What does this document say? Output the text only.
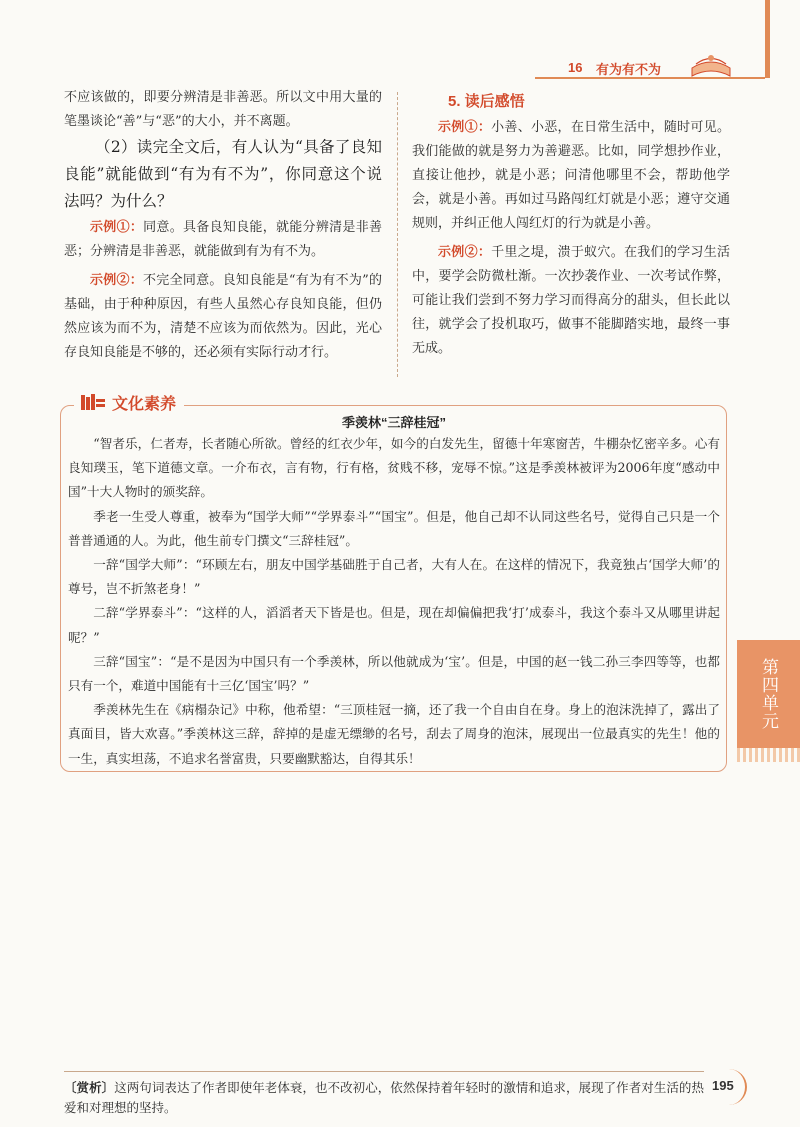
16 有为有不为

不应该做的，即要分辨清是非善恶。所以文中用大量的笔墨谈论“善”与“恶”的大小，并不离题。

（2）读完全文后，有人认为“具备了良知良能”就能做到“有为有不为”，你同意这个说法吗？为什么？

示例①：同意。具备良知良能，就能分辨清是非善恶；分辨清是非善恶，就能做到有为有不为。

示例②：不完全同意。良知良能是“有为有不为”的基础，由于种种原因，有些人虽然心存良知良能，但仍然应该为而不为，清楚不应该为而依然为。因此，光心存良知良能是不够的，还必须有实际行动才行。

5. 读后感悟

示例①：小善、小恶，在日常生活中，随时可见。我们能做的就是努力为善避恶。比如，同学想抄作业，直接让他抄，就是小恶；问清他哪里不会，帮助他学会，就是小善。再如过马路闯红灯就是小恶；遵守交通规则，并纠正他人闯红灯的行为就是小善。

示例②：千里之堤，溃于蚁穴。在我们的学习生活中，要学会防微杜渐。一次抄袭作业、一次考试作弊，可能让我们尝到不努力学习而得高分的甜头，但长此以往，就学会了投机取巧，做事不能脚踏实地，最终一事无成。

文化素养
季羡林“三辞桂冠”

“智者乐，仁者寿，长者随心所欲。曾经的红衣少年，如今的白发先生，留德十年寒窗苦，牛棚杂忆密辛多。心有良知璞玉，笔下道德文章。一介布衣，言有物，行有格，贫贱不移，宠辱不惊。”这是季羡林被评为2006年度“感动中国”十大人物时的颁奖辞。

季老一生受人尊重，被奉为“国学大师”“学界泰斗”“国宝”。但是，他自己却不认同这些名号，觉得自己只是一个普普通通的人。为此，他生前专门撰文“三辞桂冠”。

一辞“国学大师”：“环顾左右，朋友中国学基础胜于自己者，大有人在。在这样的情况下，我竟独占‘国学大师’的尊号，岂不折煞老身！”

二辞“学界泰斗”：“这样的人，滔滔者天下皆是也。但是，现在却偏偏把我‘打’成泰斗，我这个泰斗又从哪里讲起呢？”

三辞“国宝”：“是不是因为中国只有一个季羡林，所以他就成为‘宝’。但是，中国的赵一钱二孙三李四等等，也都只有一个，难道中国能有十三亿‘国宝’吗？”

季羡林先生在《病榻杂记》中称，他希望：“三顶桂冠一摘，还了我一个自由自在身。身上的泡沫洗掉了，露出了真面目，皆大欢喜。”季羡林这三辞，辞掉的是虚无缥缈的名号，刮去了周身的泡沫，展现出一位最真实的先生！他的一生，真实坦荡，不追求名誉富贵，只要幽默豁达，自得其乐！

第四单元
〔赏析〕这两句词表达了作者即使年老体衰，也不改初心，依然保持着年轻时的激情和追求，展现了作者对生活的热爱和对理想的坚持。
195
